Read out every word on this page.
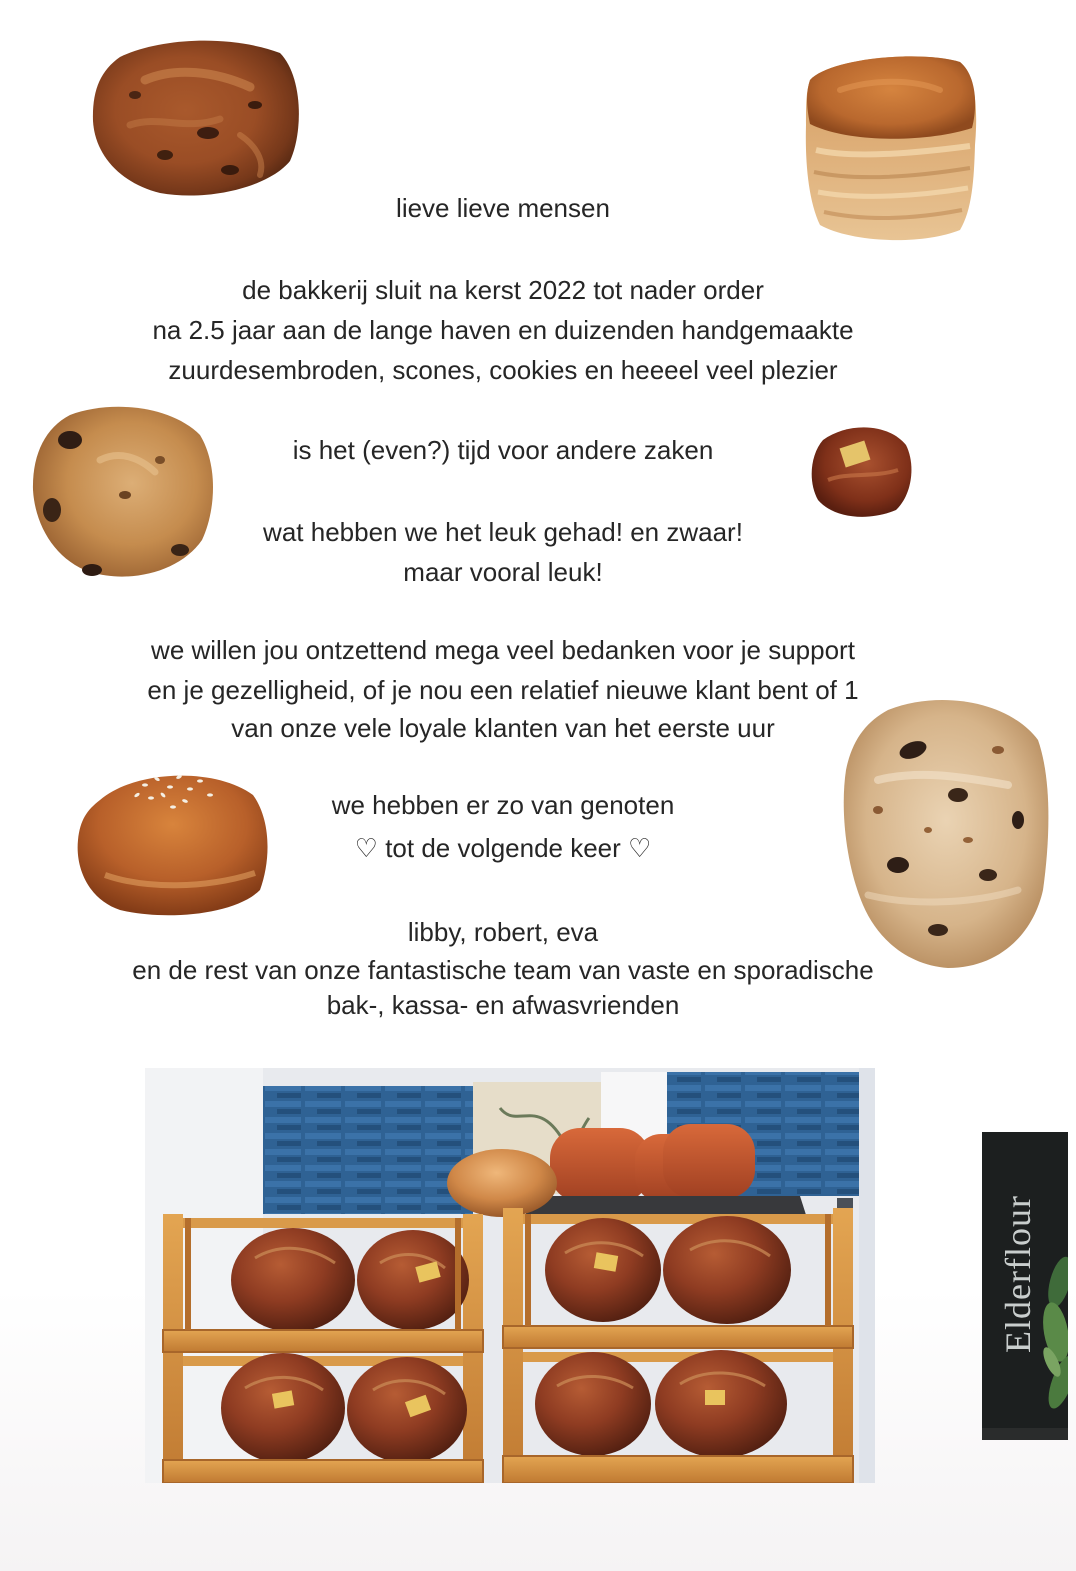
lieve lieve mensen
de bakkerij sluit na kerst 2022 tot nader order
na 2.5 jaar aan de lange haven en duizenden handgemaakte
zuurdesembroden, scones, cookies en heeeel veel plezier
is het (even?) tijd voor andere zaken
wat hebben we het leuk gehad! en zwaar!
maar vooral leuk!
we willen jou ontzettend mega veel bedanken voor je support
en je gezelligheid, of je nou een relatief nieuwe klant bent of 1
van onze vele loyale klanten van het eerste uur
we hebben er zo van genoten
♡ tot de volgende keer ♡
libby, robert, eva
en de rest van onze fantastische team van vaste en sporadische
bak-, kassa- en afwasvrienden
Elderflour
